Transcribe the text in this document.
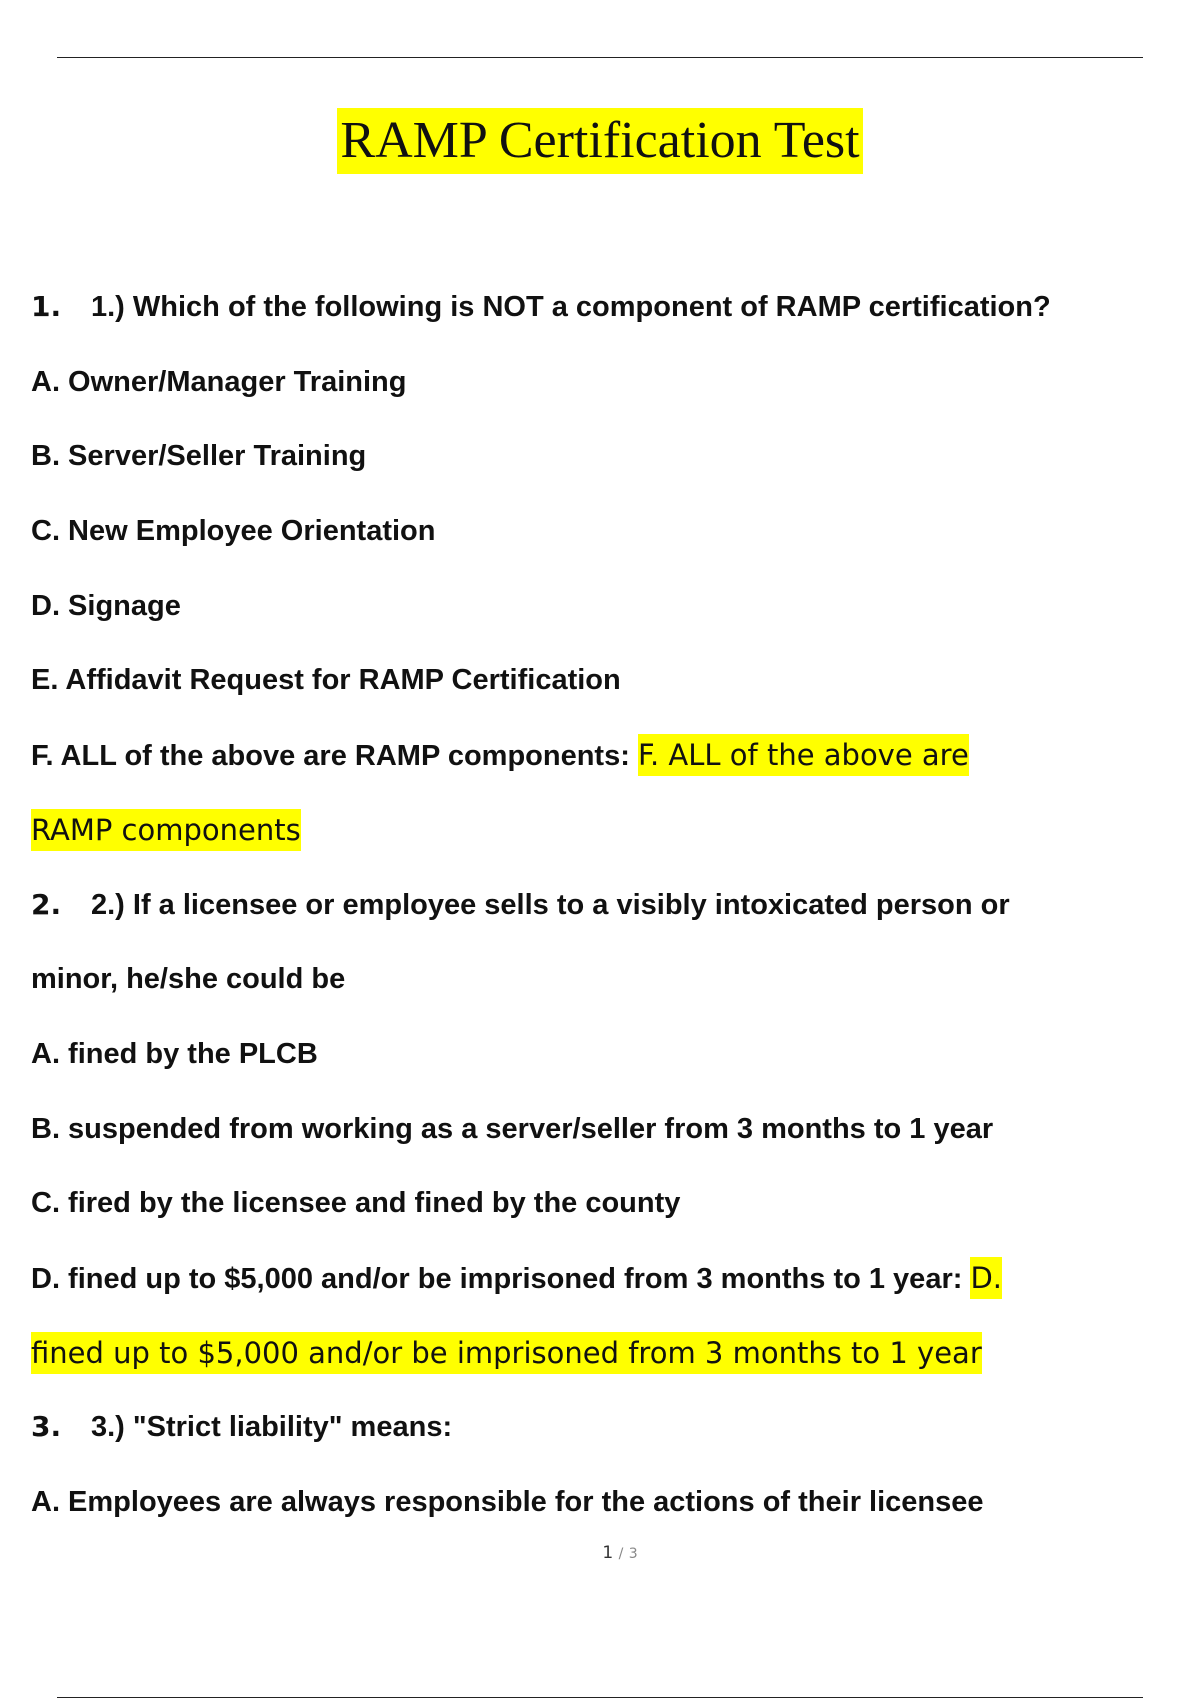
RAMP Certification Test
1. 1.) Which of the following is NOT a component of RAMP certification?
A. Owner/Manager Training
B. Server/Seller Training
C. New Employee Orientation
D. Signage
E. Affidavit Request for RAMP Certification
F. ALL of the above are RAMP components: F. ALL of the above are
RAMP components
2. 2.) If a licensee or employee sells to a visibly intoxicated person or
minor, he/she could be
A. fined by the PLCB
B. suspended from working as a server/seller from 3 months to 1 year
C. fired by the licensee and fined by the county
D. fined up to $5,000 and/or be imprisoned from 3 months to 1 year: D.
fined up to $5,000 and/or be imprisoned from 3 months to 1 year
3. 3.) "Strict liability" means:
A. Employees are always responsible for the actions of their licensee
1 / 3
